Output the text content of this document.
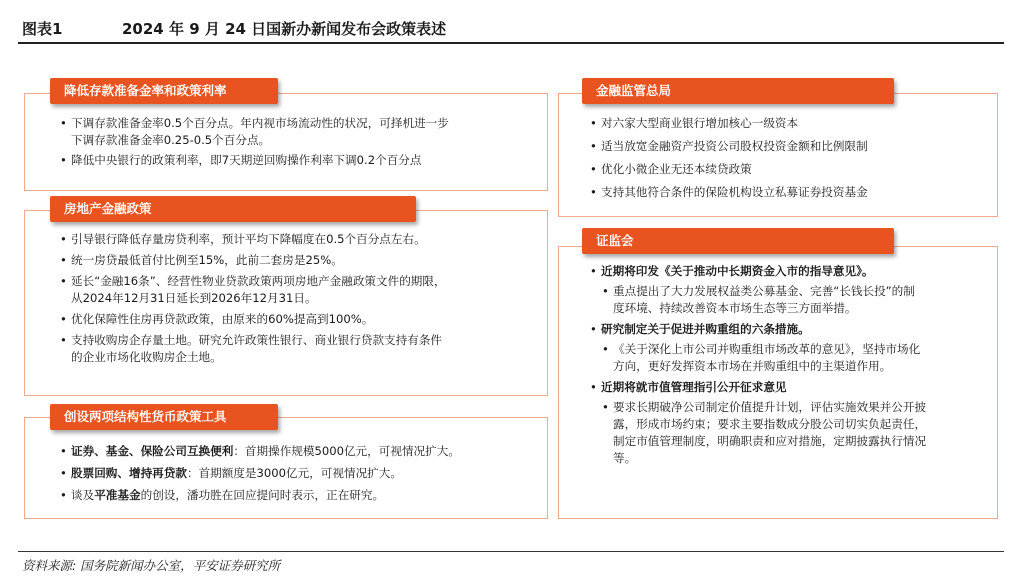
图表1	2024 年 9 月 24 日国新办新闻发布会政策表述
降低存款准备金率和政策利率
• 下调存款准备金率0.5个百分点。年内视市场流动性的状况，可择机进一步
下调存款准备金率0.25-0.5个百分点。
• 降低中央银行的政策利率，即7天期逆回购操作利率下调0.2个百分点
房地产金融政策
• 引导银行降低存量房贷利率，预计平均下降幅度在0.5个百分点左右。
• 统一房贷最低首付比例至15%，此前二套房是25%。
• 延长“金融16条”、经营性物业贷款政策两项房地产金融政策文件的期限，
从2024年12月31日延长到2026年12月31日。
• 优化保障性住房再贷款政策，由原来的60%提高到100%。
• 支持收购房企存量土地。研究允许政策性银行、商业银行贷款支持有条件
的企业市场化收购房企土地。
创设两项结构性货币政策工具
• 证券、基金、保险公司互换便利：首期操作规模5000亿元，可视情况扩大。
• 股票回购、增持再贷款：首期额度是3000亿元，可视情况扩大。
• 谈及平准基金的创设，潘功胜在回应提问时表示，正在研究。
金融监管总局
• 对六家大型商业银行增加核心一级资本
• 适当放宽金融资产投资公司股权投资金额和比例限制
• 优化小微企业无还本续贷政策
• 支持其他符合条件的保险机构设立私募证券投资基金
证监会
• 近期将印发《关于推动中长期资金入市的指导意见》。
• 重点提出了大力发展权益类公募基金、完善“长钱长投”的制
度环境、持续改善资本市场生态等三方面举措。
• 研究制定关于促进并购重组的六条措施。
• 《关于深化上市公司并购重组市场改革的意见》，坚持市场化
方向，更好发挥资本市场在并购重组中的主渠道作用。
• 近期将就市值管理指引公开征求意见
• 要求长期破净公司制定价值提升计划，评估实施效果并公开披
露，形成市场约束；要求主要指数成分股公司切实负起责任，
制定市值管理制度，明确职责和应对措施，定期披露执行情况
等。
资料来源: 国务院新闻办公室，平安证券研究所
